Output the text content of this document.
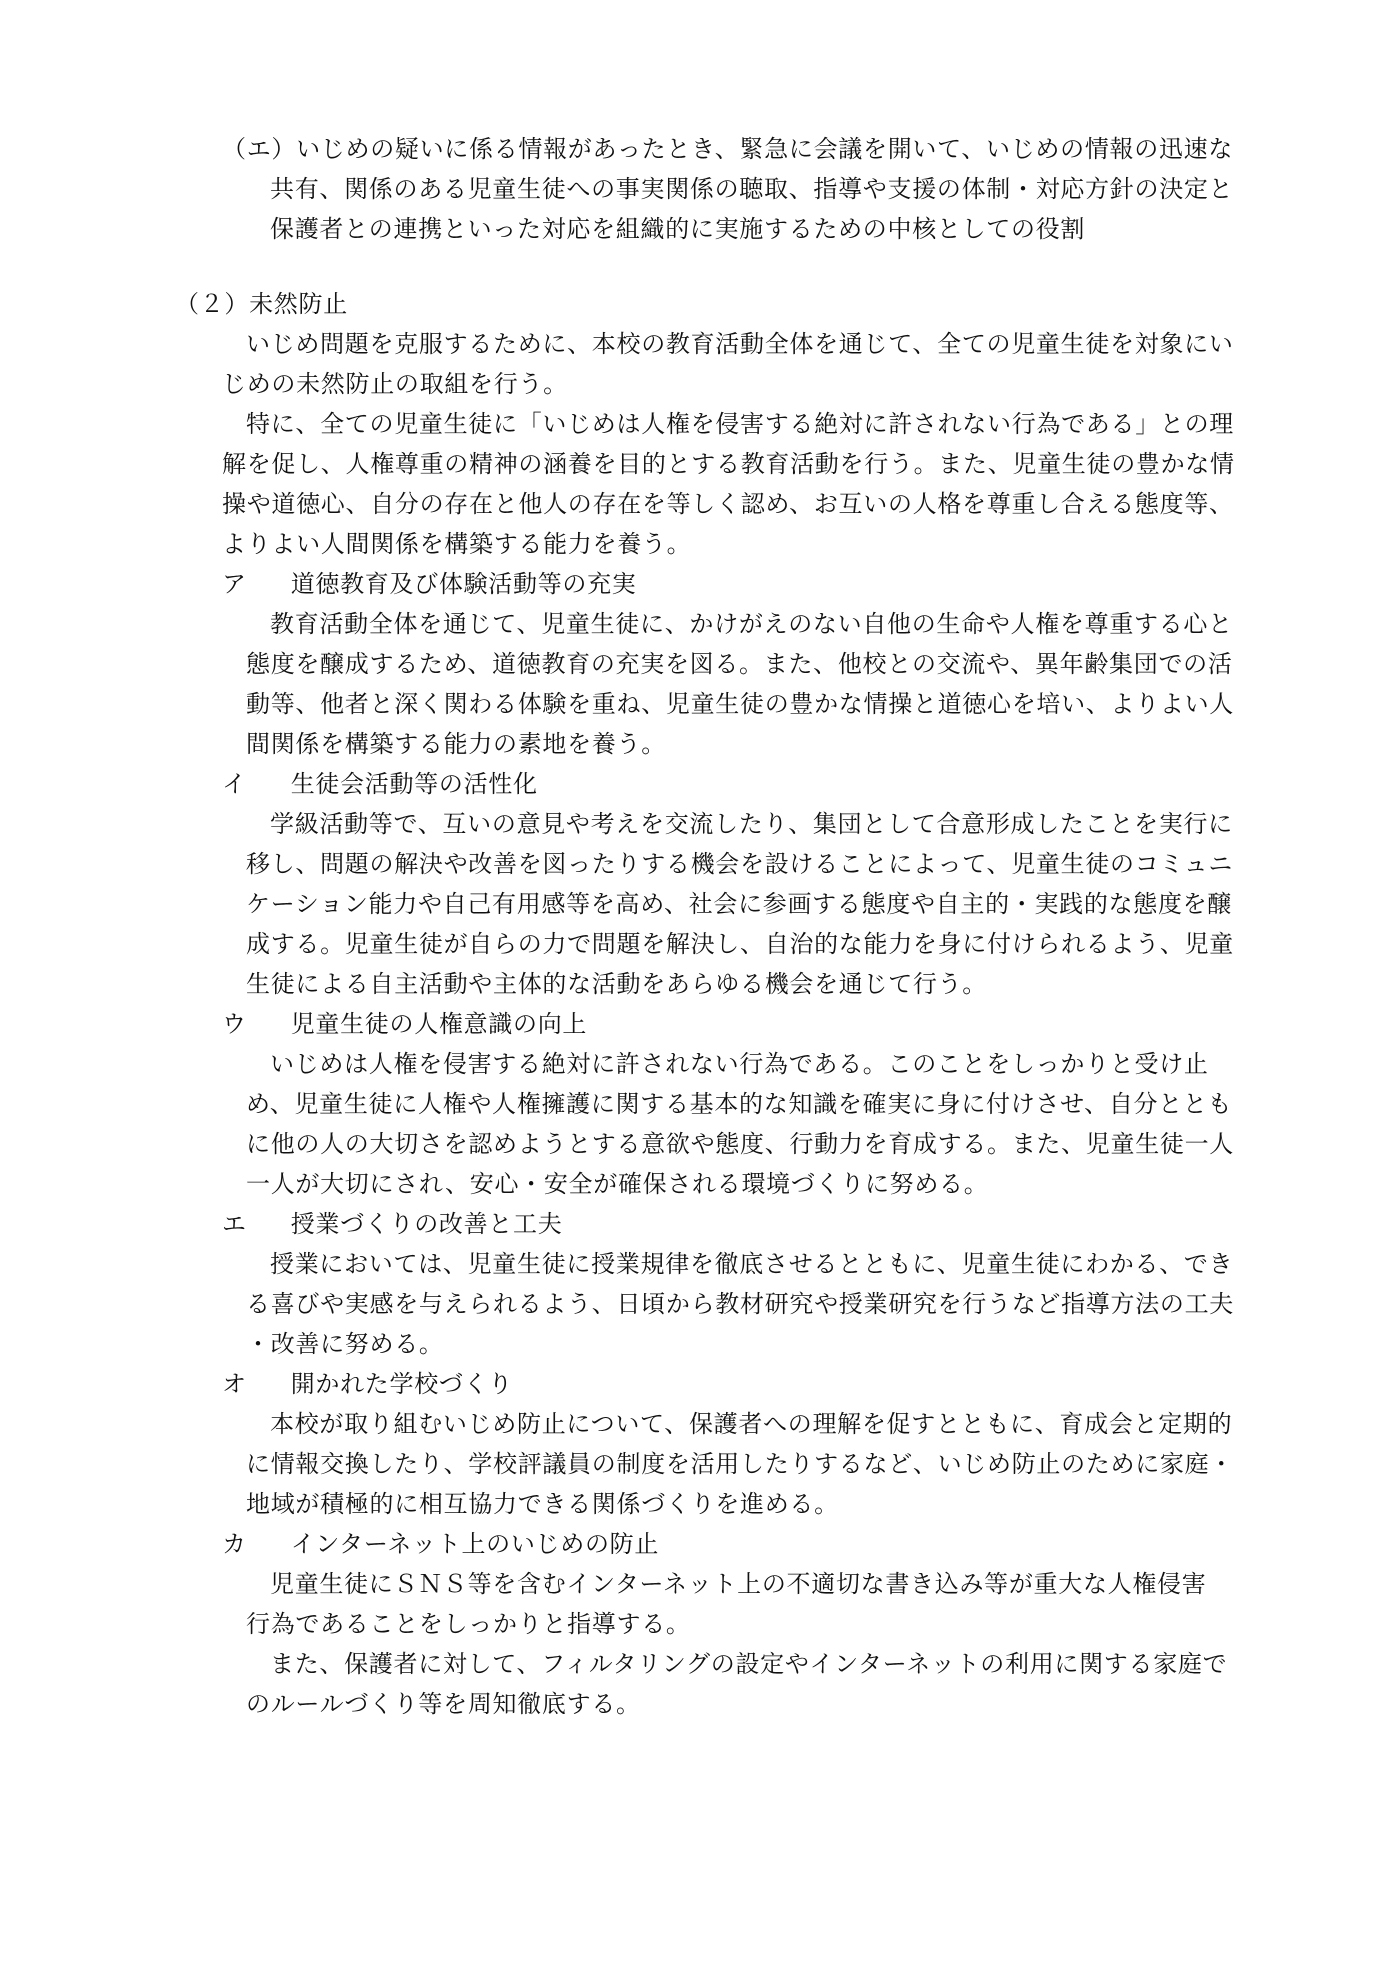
（エ）いじめの疑いに係る情報があったとき、緊急に会議を開いて、いじめの情報の迅速な
共有、関係のある児童生徒への事実関係の聴取、指導や支援の体制・対応方針の決定と
保護者との連携といった対応を組織的に実施するための中核としての役割
（２）未然防止
いじめ問題を克服するために、本校の教育活動全体を通じて、全ての児童生徒を対象にい
じめの未然防止の取組を行う。
特に、全ての児童生徒に「いじめは人権を侵害する絶対に許されない行為である」との理
解を促し、人権尊重の精神の涵養を目的とする教育活動を行う。また、児童生徒の豊かな情
操や道徳心、自分の存在と他人の存在を等しく認め、お互いの人格を尊重し合える態度等、
よりよい人間関係を構築する能力を養う。
ア 道徳教育及び体験活動等の充実
教育活動全体を通じて、児童生徒に、かけがえのない自他の生命や人権を尊重する心と
態度を醸成するため、道徳教育の充実を図る。また、他校との交流や、異年齢集団での活
動等、他者と深く関わる体験を重ね、児童生徒の豊かな情操と道徳心を培い、よりよい人
間関係を構築する能力の素地を養う。
イ 生徒会活動等の活性化
学級活動等で、互いの意見や考えを交流したり、集団として合意形成したことを実行に
移し、問題の解決や改善を図ったりする機会を設けることによって、児童生徒のコミュニ
ケーション能力や自己有用感等を高め、社会に参画する態度や自主的・実践的な態度を醸
成する。児童生徒が自らの力で問題を解決し、自治的な能力を身に付けられるよう、児童
生徒による自主活動や主体的な活動をあらゆる機会を通じて行う。
ウ 児童生徒の人権意識の向上
いじめは人権を侵害する絶対に許されない行為である。このことをしっかりと受け止
め、児童生徒に人権や人権擁護に関する基本的な知識を確実に身に付けさせ、自分ととも
に他の人の大切さを認めようとする意欲や態度、行動力を育成する。また、児童生徒一人
一人が大切にされ、安心・安全が確保される環境づくりに努める。
エ 授業づくりの改善と工夫
授業においては、児童生徒に授業規律を徹底させるとともに、児童生徒にわかる、でき
る喜びや実感を与えられるよう、日頃から教材研究や授業研究を行うなど指導方法の工夫
・改善に努める。
オ 開かれた学校づくり
本校が取り組むいじめ防止について、保護者への理解を促すとともに、育成会と定期的
に情報交換したり、学校評議員の制度を活用したりするなど、いじめ防止のために家庭・
地域が積極的に相互協力できる関係づくりを進める。
カ インターネット上のいじめの防止
児童生徒にＳＮＳ等を含むインターネット上の不適切な書き込み等が重大な人権侵害
行為であることをしっかりと指導する。
また、保護者に対して、フィルタリングの設定やインターネットの利用に関する家庭で
のルールづくり等を周知徹底する。
